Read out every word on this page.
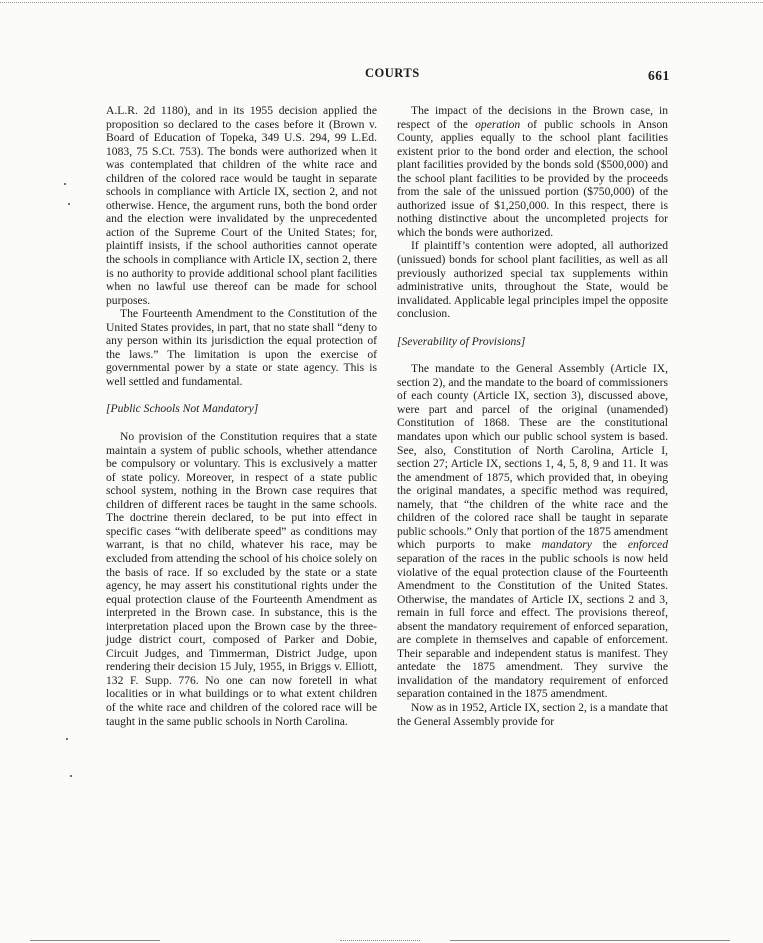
COURTS	661

A.L.R. 2d 1180), and in its 1955 decision applied the proposition so declared to the cases before it (Brown v. Board of Education of Topeka, 349 U.S. 294, 99 L.Ed. 1083, 75 S.Ct. 753). The bonds were authorized when it was contemplated that children of the white race and children of the colored race would be taught in separate schools in compliance with Article IX, section 2, and not otherwise. Hence, the argument runs, both the bond order and the election were invalidated by the unprecedented action of the Supreme Court of the United States; for, plaintiff insists, if the school authorities cannot operate the schools in compliance with Article IX, section 2, there is no authority to provide additional school plant facilities when no lawful use thereof can be made for school purposes.

The Fourteenth Amendment to the Constitution of the United States provides, in part, that no state shall “deny to any person within its jurisdiction the equal protection of the laws.” The limitation is upon the exercise of governmental power by a state or state agency. This is well settled and fundamental.

[Public Schools Not Mandatory]

No provision of the Constitution requires that a state maintain a system of public schools, whether attendance be compulsory or voluntary. This is exclusively a matter of state policy. Moreover, in respect of a state public school system, nothing in the Brown case requires that children of different races be taught in the same schools. The doctrine therein declared, to be put into effect in specific cases “with deliberate speed” as conditions may warrant, is that no child, whatever his race, may be excluded from attending the school of his choice solely on the basis of race. If so excluded by the state or a state agency, he may assert his constitutional rights under the equal protection clause of the Fourteenth Amendment as interpreted in the Brown case. In substance, this is the interpretation placed upon the Brown case by the three-judge district court, composed of Parker and Dobie, Circuit Judges, and Timmerman, District Judge, upon rendering their decision 15 July, 1955, in Briggs v. Elliott, 132 F. Supp. 776. No one can now foretell in what localities or in what buildings or to what extent children of the white race and children of the colored race will be taught in the same public schools in North Carolina.

The impact of the decisions in the Brown case, in respect of the operation of public schools in Anson County, applies equally to the school plant facilities existent prior to the bond order and election, the school plant facilities provided by the bonds sold ($500,000) and the school plant facilities to be provided by the proceeds from the sale of the unissued portion ($750,000) of the authorized issue of $1,250,000. In this respect, there is nothing distinctive about the uncompleted projects for which the bonds were authorized.

If plaintiff’s contention were adopted, all authorized (unissued) bonds for school plant facilities, as well as all previously authorized special tax supplements within administrative units, throughout the State, would be invalidated. Applicable legal principles impel the opposite conclusion.

[Severability of Provisions]

The mandate to the General Assembly (Article IX, section 2), and the mandate to the board of commissioners of each county (Article IX, section 3), discussed above, were part and parcel of the original (unamended) Constitution of 1868. These are the constitutional mandates upon which our public school system is based. See, also, Constitution of North Carolina, Article I, section 27; Article IX, sections 1, 4, 5, 8, 9 and 11. It was the amendment of 1875, which provided that, in obeying the original mandates, a specific method was required, namely, that “the children of the white race and the children of the colored race shall be taught in separate public schools.” Only that portion of the 1875 amendment which purports to make mandatory the enforced separation of the races in the public schools is now held violative of the equal protection clause of the Fourteenth Amendment to the Constitution of the United States. Otherwise, the mandates of Article IX, sections 2 and 3, remain in full force and effect. The provisions thereof, absent the mandatory requirement of enforced separation, are complete in themselves and capable of enforcement. Their separable and independent status is manifest. They antedate the 1875 amendment. They survive the invalidation of the mandatory requirement of enforced separation contained in the 1875 amendment.

Now as in 1952, Article IX, section 2, is a mandate that the General Assembly provide for
